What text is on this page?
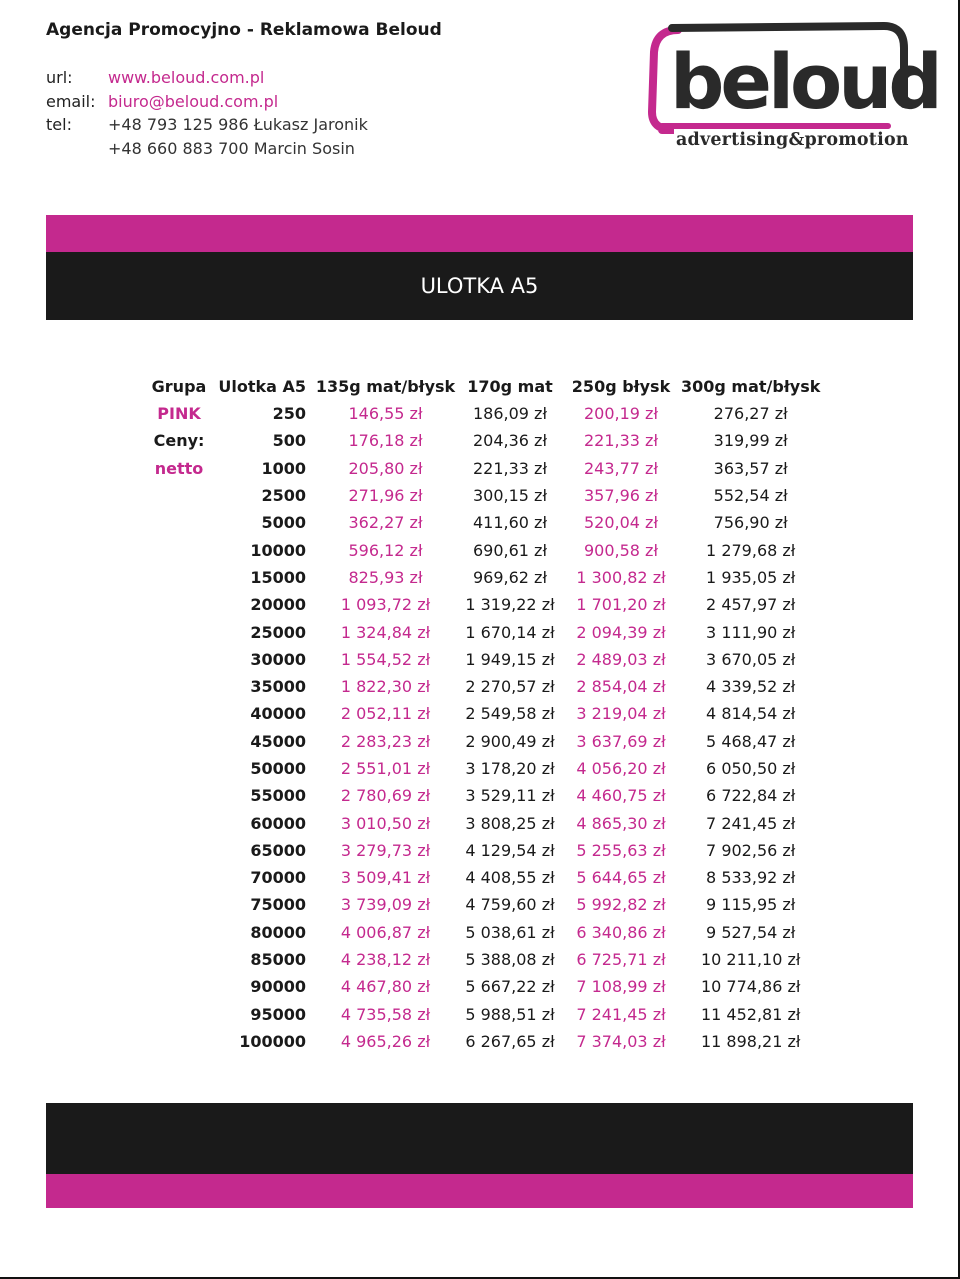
Agencja Promocyjno - Reklamowa Beloud
url:	www.beloud.com.pl
email: biuro@beloud.com.pl
tel:	+48 793 125 986 Łukasz Jaronik
+48 660 883 700 Marcin Sosin
beloud
advertising&promotion
ULOTKA A5
Grupa	Ulotka A5	135g mat/błysk	170g mat	250g błysk	300g mat/błysk
PINK	250	146,55 zł	186,09 zł	200,19 zł	276,27 zł
Ceny:	500	176,18 zł	204,36 zł	221,33 zł	319,99 zł
netto	1000	205,80 zł	221,33 zł	243,77 zł	363,57 zł
	2500	271,96 zł	300,15 zł	357,96 zł	552,54 zł
	5000	362,27 zł	411,60 zł	520,04 zł	756,90 zł
	10000	596,12 zł	690,61 zł	900,58 zł	1 279,68 zł
	15000	825,93 zł	969,62 zł	1 300,82 zł	1 935,05 zł
	20000	1 093,72 zł	1 319,22 zł	1 701,20 zł	2 457,97 zł
	25000	1 324,84 zł	1 670,14 zł	2 094,39 zł	3 111,90 zł
	30000	1 554,52 zł	1 949,15 zł	2 489,03 zł	3 670,05 zł
	35000	1 822,30 zł	2 270,57 zł	2 854,04 zł	4 339,52 zł
	40000	2 052,11 zł	2 549,58 zł	3 219,04 zł	4 814,54 zł
	45000	2 283,23 zł	2 900,49 zł	3 637,69 zł	5 468,47 zł
	50000	2 551,01 zł	3 178,20 zł	4 056,20 zł	6 050,50 zł
	55000	2 780,69 zł	3 529,11 zł	4 460,75 zł	6 722,84 zł
	60000	3 010,50 zł	3 808,25 zł	4 865,30 zł	7 241,45 zł
	65000	3 279,73 zł	4 129,54 zł	5 255,63 zł	7 902,56 zł
	70000	3 509,41 zł	4 408,55 zł	5 644,65 zł	8 533,92 zł
	75000	3 739,09 zł	4 759,60 zł	5 992,82 zł	9 115,95 zł
	80000	4 006,87 zł	5 038,61 zł	6 340,86 zł	9 527,54 zł
	85000	4 238,12 zł	5 388,08 zł	6 725,71 zł	10 211,10 zł
	90000	4 467,80 zł	5 667,22 zł	7 108,99 zł	10 774,86 zł
	95000	4 735,58 zł	5 988,51 zł	7 241,45 zł	11 452,81 zł
	100000	4 965,26 zł	6 267,65 zł	7 374,03 zł	11 898,21 zł
